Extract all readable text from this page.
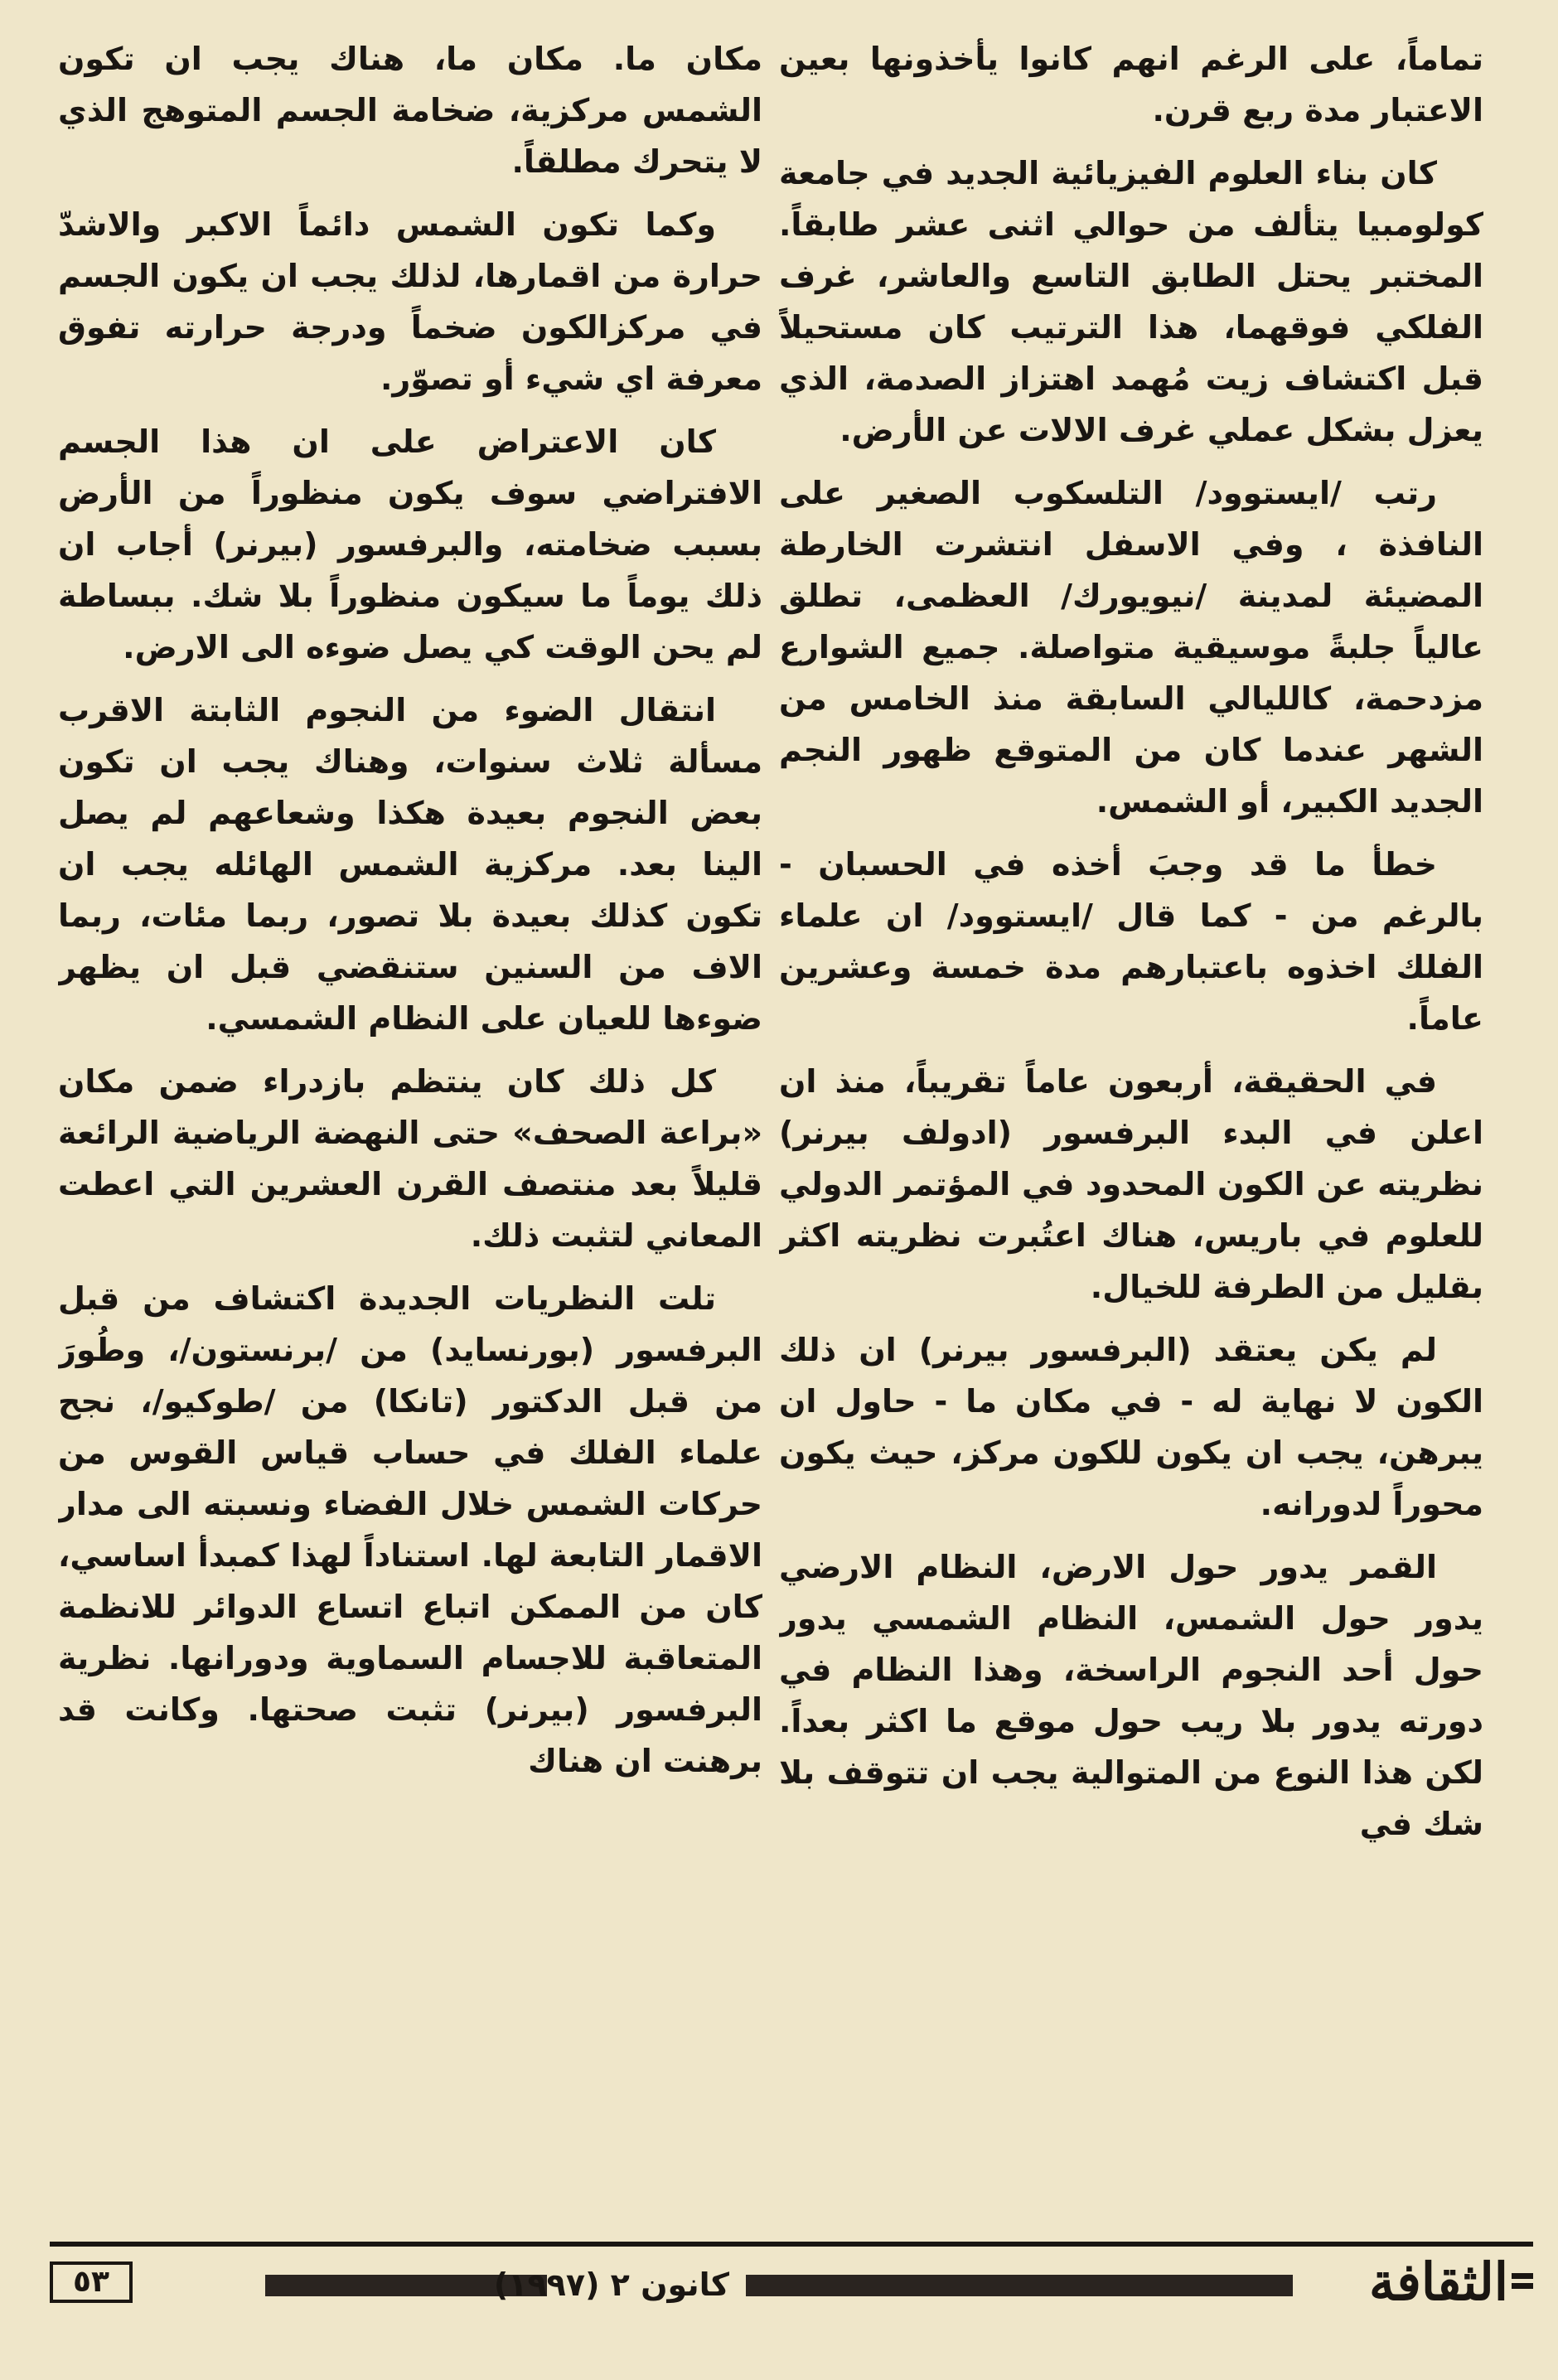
تماماً، على الرغم انهم كانوا يأخذونها بعين الاعتبار مدة ربع قرن.

كان بناء العلوم الفيزيائية الجديد في جامعة كولومبيا يتألف من حوالي اثنى عشر طابقاً. المختبر يحتل الطابق التاسع والعاشر، غرف الفلكي فوقهما، هذا الترتيب كان مستحيلاً قبل اكتشاف زيت مُهمد اهتزاز الصدمة، الذي يعزل بشكل عملي غرف الالات عن الأرض.

رتب /ايستوود/ التلسكوب الصغير على النافذة ، وفي الاسفل انتشرت الخارطة المضيئة لمدينة /نيويورك/ العظمى، تطلق عالياً جلبةً موسيقية متواصلة. جميع الشوارع مزدحمة، كالليالي السابقة منذ الخامس من الشهر عندما كان من المتوقع ظهور النجم الجديد الكبير، أو الشمس.

خطأ ما قد وجبَ أخذه في الحسبان - بالرغم من - كما قال /ايستوود/ ان علماء الفلك اخذوه باعتبارهم مدة خمسة وعشرين عاماً.

في الحقيقة، أربعون عاماً تقريباً، منذ ان اعلن في البدء البرفسور (ادولف بيرنر) نظريته عن الكون المحدود في المؤتمر الدولي للعلوم في باريس، هناك اعتُبرت نظريته اكثر بقليل من الطرفة للخيال.

لم يكن يعتقد (البرفسور بيرنر) ان ذلك الكون لا نهاية له - في مكان ما - حاول ان يبرهن، يجب ان يكون للكون مركز، حيث يكون محوراً لدورانه.

القمر يدور حول الارض، النظام الارضي يدور حول الشمس، النظام الشمسي يدور حول أحد النجوم الراسخة، وهذا النظام في دورته يدور بلا ريب حول موقع ما اكثر بعداً. لكن هذا النوع من المتوالية يجب ان تتوقف بلا شك في

مكان ما. مكان ما، هناك يجب ان تكون الشمس مركزية، ضخامة الجسم المتوهج الذي لا يتحرك مطلقاً.

وكما تكون الشمس دائماً الاكبر والاشدّ حرارة من اقمارها، لذلك يجب ان يكون الجسم في مركزالكون ضخماً ودرجة حرارته تفوق معرفة اي شيء أو تصوّر.

كان الاعتراض على ان هذا الجسم الافتراضي سوف يكون منظوراً من الأرض بسبب ضخامته، والبرفسور (بيرنر) أجاب ان ذلك يوماً ما سيكون منظوراً بلا شك. ببساطة لم يحن الوقت كي يصل ضوءه الى الارض.

انتقال الضوء من النجوم الثابتة الاقرب مسألة ثلاث سنوات، وهناك يجب ان تكون بعض النجوم بعيدة هكذا وشعاعهم لم يصل الينا بعد. مركزية الشمس الهائله يجب ان تكون كذلك بعيدة بلا تصور، ربما مئات، ربما الاف من السنين ستنقضي قبل ان يظهر ضوءها للعيان على النظام الشمسي.

كل ذلك كان ينتظم بازدراء ضمن مكان «براعة الصحف» حتى النهضة الرياضية الرائعة قليلاً بعد منتصف القرن العشرين التي اعطت المعاني لتثبت ذلك.

تلت النظريات الجديدة اكتشاف من قبل البرفسور (بورنسايد) من /برنستون/، وطُورَ من قبل الدكتور (تانكا) من /طوكيو/، نجح علماء الفلك في حساب قياس القوس من حركات الشمس خلال الفضاء ونسبته الى مدار الاقمار التابعة لها. استناداً لهذا كمبدأ اساسي، كان من الممكن اتباع اتساع الدوائر للانظمة المتعاقبة للاجسام السماوية ودورانها. نظرية البرفسور (بيرنر) تثبت صحتها. وكانت قد برهنت ان هناك

الثقافة
كانون ٢ (١٩٩٧)
٥٣
